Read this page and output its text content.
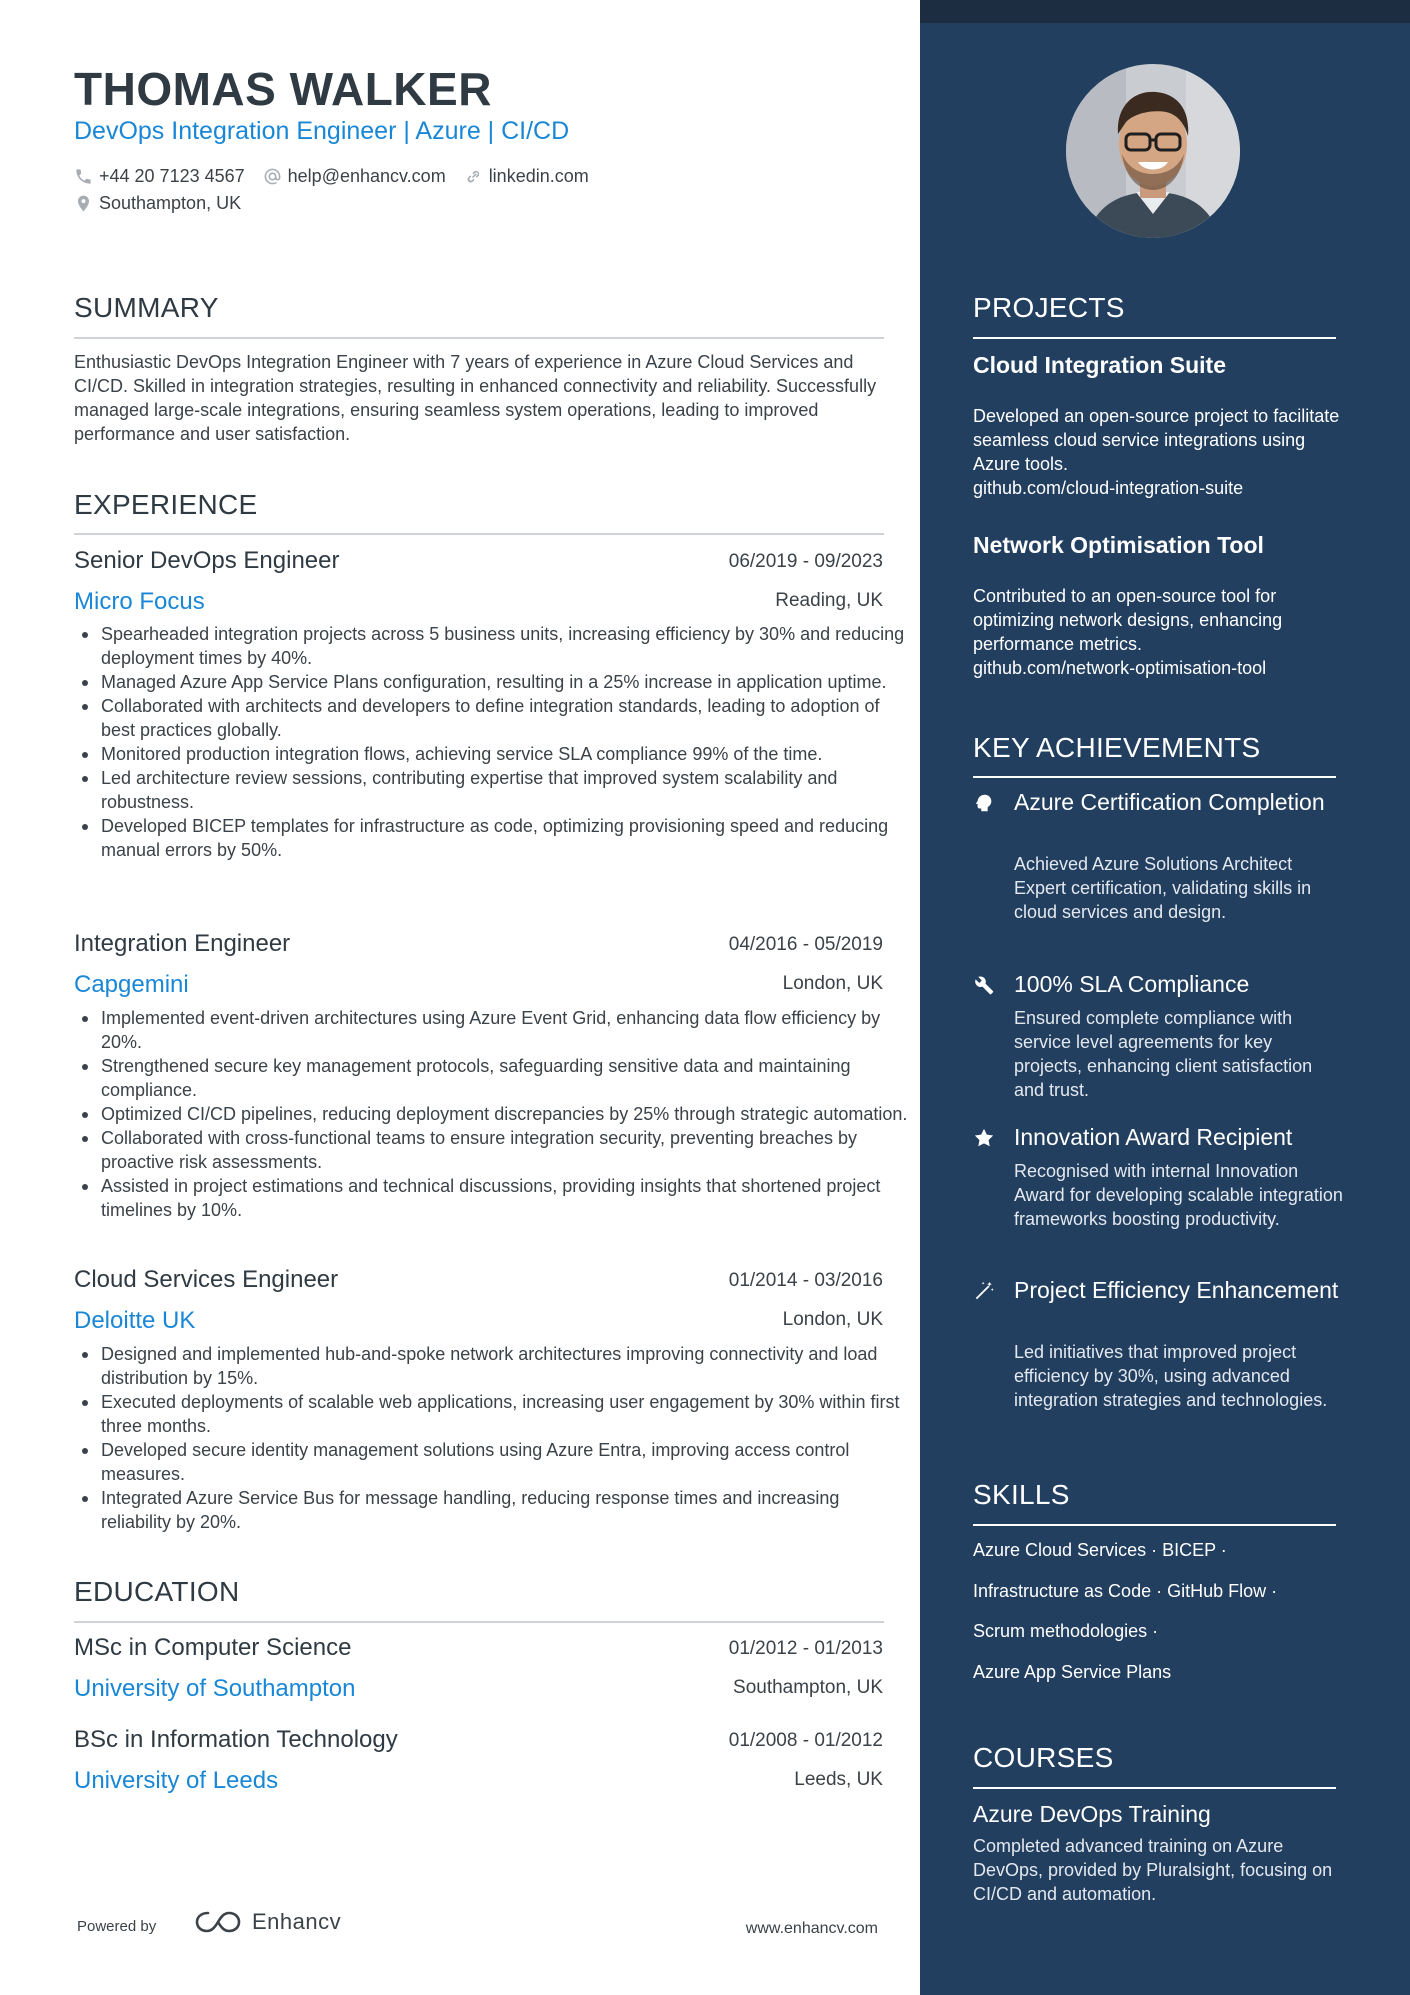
THOMAS WALKER
DevOps Integration Engineer | Azure | CI/CD
+44 20 7123 4567 help@enhancv.com linkedin.com
Southampton, UK
SUMMARY

Enthusiastic DevOps Integration Engineer with 7 years of experience in Azure Cloud Services and CI/CD. Skilled in integration strategies, resulting in enhanced connectivity and reliability. Successfully managed large-scale integrations, ensuring seamless system operations, leading to improved performance and user satisfaction.

EXPERIENCE
Senior DevOps Engineer	06/2019 - 09/2023
Micro Focus	Reading, UK
Spearheaded integration projects across 5 business units, increasing efficiency by 30% and reducing deployment times by 40%.
Managed Azure App Service Plans configuration, resulting in a 25% increase in application uptime.
Collaborated with architects and developers to define integration standards, leading to adoption of best practices globally.
Monitored production integration flows, achieving service SLA compliance 99% of the time.
Led architecture review sessions, contributing expertise that improved system scalability and robustness.
Developed BICEP templates for infrastructure as code, optimizing provisioning speed and reducing manual errors by 50%.
Integration Engineer	04/2016 - 05/2019
Capgemini	London, UK
Implemented event-driven architectures using Azure Event Grid, enhancing data flow efficiency by 20%.
Strengthened secure key management protocols, safeguarding sensitive data and maintaining compliance.
Optimized CI/CD pipelines, reducing deployment discrepancies by 25% through strategic automation.
Collaborated with cross-functional teams to ensure integration security, preventing breaches by proactive risk assessments.
Assisted in project estimations and technical discussions, providing insights that shortened project timelines by 10%.
Cloud Services Engineer	01/2014 - 03/2016
Deloitte UK	London, UK
Designed and implemented hub-and-spoke network architectures improving connectivity and load distribution by 15%.
Executed deployments of scalable web applications, increasing user engagement by 30% within first three months.
Developed secure identity management solutions using Azure Entra, improving access control measures.
Integrated Azure Service Bus for message handling, reducing response times and increasing reliability by 20%.
EDUCATION
MSc in Computer Science	01/2012 - 01/2013
University of Southampton	Southampton, UK
BSc in Information Technology	01/2008 - 01/2012
University of Leeds	Leeds, UK
Powered by	Enhancv	www.enhancv.com
PROJECTS
Cloud Integration Suite

Developed an open-source project to facilitate seamless cloud service integrations using Azure tools.
github.com/cloud-integration-suite

Network Optimisation Tool

Contributed to an open-source tool for optimizing network designs, enhancing performance metrics.
github.com/network-optimisation-tool

KEY ACHIEVEMENTS
Azure Certification Completion

Achieved Azure Solutions Architect Expert certification, validating skills in cloud services and design.

100% SLA Compliance

Ensured complete compliance with service level agreements for key projects, enhancing client satisfaction and trust.

Innovation Award Recipient

Recognised with internal Innovation Award for developing scalable integration frameworks boosting productivity.

Project Efficiency Enhancement

Led initiatives that improved project efficiency by 30%, using advanced integration strategies and technologies.

SKILLS
Azure Cloud Services · BICEP ·
Infrastructure as Code · GitHub Flow ·
Scrum methodologies ·
Azure App Service Plans
COURSES
Azure DevOps Training

Completed advanced training on Azure DevOps, provided by Pluralsight, focusing on CI/CD and automation.
